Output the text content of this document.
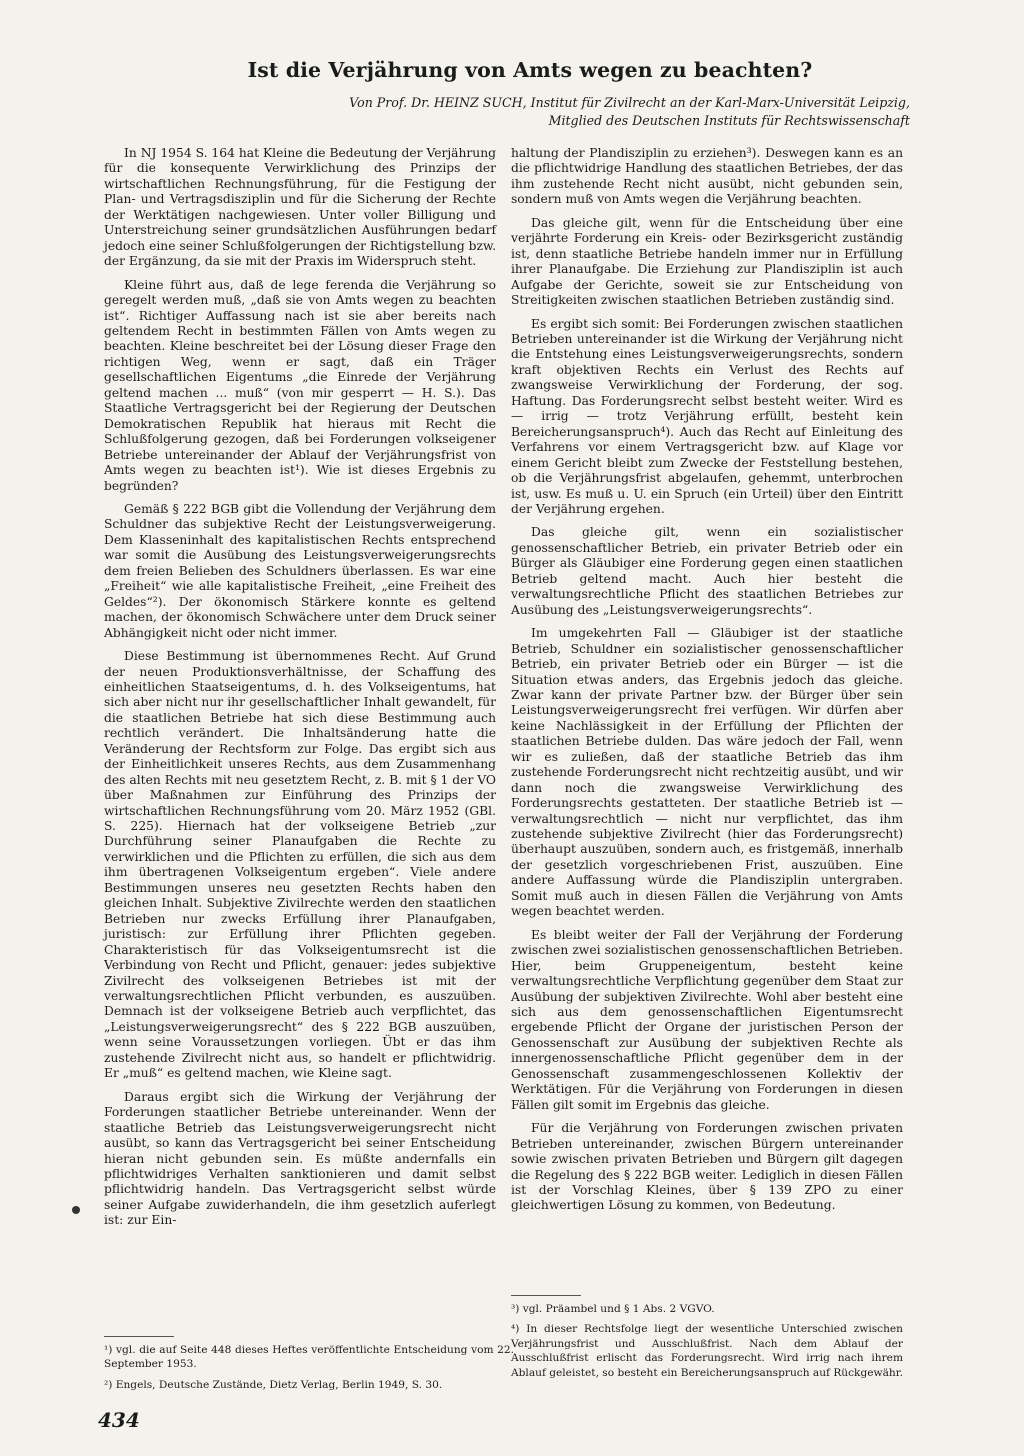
Ist die Verjährung von Amts wegen zu beachten?
Von Prof. Dr. HEINZ SUCH, Institut für Zivilrecht an der Karl-Marx-Universität Leipzig,
Mitglied des Deutschen Instituts für Rechtswissenschaft

In NJ 1954 S. 164 hat Kleine die Bedeutung der Verjährung für die konsequente Verwirklichung des Prinzips der wirtschaftlichen Rechnungsführung, für die Festigung der Plan- und Vertragsdisziplin und für die Sicherung der Rechte der Werktätigen nachgewiesen. Unter voller Billigung und Unterstreichung seiner grundsätzlichen Ausführungen bedarf jedoch eine seiner Schlußfolgerungen der Richtigstellung bzw. der Ergänzung, da sie mit der Praxis im Widerspruch steht.

Kleine führt aus, daß de lege ferenda die Verjährung so geregelt werden muß, „daß sie von Amts wegen zu beachten ist“. Richtiger Auffassung nach ist sie aber bereits nach geltendem Recht in bestimmten Fällen von Amts wegen zu beachten. Kleine beschreitet bei der Lösung dieser Frage den richtigen Weg, wenn er sagt, daß ein Träger gesellschaftlichen Eigentums „die Einrede der Verjährung geltend machen ... muß“ (von mir gesperrt — H. S.). Das Staatliche Vertragsgericht bei der Regierung der Deutschen Demokratischen Republik hat hieraus mit Recht die Schlußfolgerung gezogen, daß bei Forderungen volkseigener Betriebe untereinander der Ablauf der Verjährungsfrist von Amts wegen zu beachten ist¹). Wie ist dieses Ergebnis zu begründen?

Gemäß § 222 BGB gibt die Vollendung der Verjährung dem Schuldner das subjektive Recht der Leistungsverweigerung. Dem Klasseninhalt des kapitalistischen Rechts entsprechend war somit die Ausübung des Leistungsverweigerungsrechts dem freien Belieben des Schuldners überlassen. Es war eine „Freiheit“ wie alle kapitalistische Freiheit, „eine Freiheit des Geldes“²). Der ökonomisch Stärkere konnte es geltend machen, der ökonomisch Schwächere unter dem Druck seiner Abhängigkeit nicht oder nicht immer.

Diese Bestimmung ist übernommenes Recht. Auf Grund der neuen Produktionsverhältnisse, der Schaffung des einheitlichen Staatseigentums, d. h. des Volkseigentums, hat sich aber nicht nur ihr gesellschaftlicher Inhalt gewandelt, für die staatlichen Betriebe hat sich diese Bestimmung auch rechtlich verändert. Die Inhaltsänderung hatte die Veränderung der Rechtsform zur Folge. Das ergibt sich aus der Einheitlichkeit unseres Rechts, aus dem Zusammenhang des alten Rechts mit neu gesetztem Recht, z. B. mit § 1 der VO über Maßnahmen zur Einführung des Prinzips der wirtschaftlichen Rechnungsführung vom 20. März 1952 (GBl. S. 225). Hiernach hat der volkseigene Betrieb „zur Durchführung seiner Planaufgaben die Rechte zu verwirklichen und die Pflichten zu erfüllen, die sich aus dem ihm übertragenen Volkseigentum ergeben“. Viele andere Bestimmungen unseres neu gesetzten Rechts haben den gleichen Inhalt. Subjektive Zivilrechte werden den staatlichen Betrieben nur zwecks Erfüllung ihrer Planaufgaben, juristisch: zur Erfüllung ihrer Pflichten gegeben. Charakteristisch für das Volkseigentumsrecht ist die Verbindung von Recht und Pflicht, genauer: jedes subjektive Zivilrecht des volkseigenen Betriebes ist mit der verwaltungsrechtlichen Pflicht verbunden, es auszuüben. Demnach ist der volkseigene Betrieb auch verpflichtet, das „Leistungsverweigerungsrecht“ des § 222 BGB auszuüben, wenn seine Voraussetzungen vorliegen. Übt er das ihm zustehende Zivilrecht nicht aus, so handelt er pflichtwidrig. Er „muß“ es geltend machen, wie Kleine sagt.

Daraus ergibt sich die Wirkung der Verjährung der Forderungen staatlicher Betriebe untereinander. Wenn der staatliche Betrieb das Leistungsverweigerungsrecht nicht ausübt, so kann das Vertragsgericht bei seiner Entscheidung hieran nicht gebunden sein. Es müßte andernfalls ein pflichtwidriges Verhalten sanktionieren und damit selbst pflichtwidrig handeln. Das Vertragsgericht selbst würde seiner Aufgabe zuwiderhandeln, die ihm gesetzlich auferlegt ist: zur Ein-

haltung der Plandisziplin zu erziehen³). Deswegen kann es an die pflichtwidrige Handlung des staatlichen Betriebes, der das ihm zustehende Recht nicht ausübt, nicht gebunden sein, sondern muß von Amts wegen die Verjährung beachten.

Das gleiche gilt, wenn für die Entscheidung über eine verjährte Forderung ein Kreis- oder Bezirksgericht zuständig ist, denn staatliche Betriebe handeln immer nur in Erfüllung ihrer Planaufgabe. Die Erziehung zur Plandisziplin ist auch Aufgabe der Gerichte, soweit sie zur Entscheidung von Streitigkeiten zwischen staatlichen Betrieben zuständig sind.

Es ergibt sich somit: Bei Forderungen zwischen staatlichen Betrieben untereinander ist die Wirkung der Verjährung nicht die Entstehung eines Leistungsverweigerungsrechts, sondern kraft objektiven Rechts ein Verlust des Rechts auf zwangsweise Verwirklichung der Forderung, der sog. Haftung. Das Forderungsrecht selbst besteht weiter. Wird es — irrig — trotz Verjährung erfüllt, besteht kein Bereicherungsanspruch⁴). Auch das Recht auf Einleitung des Verfahrens vor einem Vertragsgericht bzw. auf Klage vor einem Gericht bleibt zum Zwecke der Feststellung bestehen, ob die Verjährungsfrist abgelaufen, gehemmt, unterbrochen ist, usw. Es muß u. U. ein Spruch (ein Urteil) über den Eintritt der Verjährung ergehen.

Das gleiche gilt, wenn ein sozialistischer genossenschaftlicher Betrieb, ein privater Betrieb oder ein Bürger als Gläubiger eine Forderung gegen einen staatlichen Betrieb geltend macht. Auch hier besteht die verwaltungsrechtliche Pflicht des staatlichen Betriebes zur Ausübung des „Leistungsverweigerungsrechts“.

Im umgekehrten Fall — Gläubiger ist der staatliche Betrieb, Schuldner ein sozialistischer genossenschaftlicher Betrieb, ein privater Betrieb oder ein Bürger — ist die Situation etwas anders, das Ergebnis jedoch das gleiche. Zwar kann der private Partner bzw. der Bürger über sein Leistungsverweigerungsrecht frei verfügen. Wir dürfen aber keine Nachlässigkeit in der Erfüllung der Pflichten der staatlichen Betriebe dulden. Das wäre jedoch der Fall, wenn wir es zuließen, daß der staatliche Betrieb das ihm zustehende Forderungsrecht nicht rechtzeitig ausübt, und wir dann noch die zwangsweise Verwirklichung des Forderungsrechts gestatteten. Der staatliche Betrieb ist — verwaltungsrechtlich — nicht nur verpflichtet, das ihm zustehende subjektive Zivilrecht (hier das Forderungsrecht) überhaupt auszuüben, sondern auch, es fristgemäß, innerhalb der gesetzlich vorgeschriebenen Frist, auszuüben. Eine andere Auffassung würde die Plandisziplin untergraben. Somit muß auch in diesen Fällen die Verjährung von Amts wegen beachtet werden.

Es bleibt weiter der Fall der Verjährung der Forderung zwischen zwei sozialistischen genossenschaftlichen Betrieben. Hier, beim Gruppeneigentum, besteht keine verwaltungsrechtliche Verpflichtung gegenüber dem Staat zur Ausübung der subjektiven Zivilrechte. Wohl aber besteht eine sich aus dem genossenschaftlichen Eigentumsrecht ergebende Pflicht der Organe der juristischen Person der Genossenschaft zur Ausübung der subjektiven Rechte als innergenossenschaftliche Pflicht gegenüber dem in der Genossenschaft zusammengeschlossenen Kollektiv der Werktätigen. Für die Verjährung von Forderungen in diesen Fällen gilt somit im Ergebnis das gleiche.

Für die Verjährung von Forderungen zwischen privaten Betrieben untereinander, zwischen Bürgern untereinander sowie zwischen privaten Betrieben und Bürgern gilt dagegen die Regelung des § 222 BGB weiter. Lediglich in diesen Fällen ist der Vorschlag Kleines, über § 139 ZPO zu einer gleichwertigen Lösung zu kommen, von Bedeutung.

¹) vgl. die auf Seite 448 dieses Heftes veröffentlichte Entscheidung vom 22. September 1953.

²) Engels, Deutsche Zustände, Dietz Verlag, Berlin 1949, S. 30.

³) vgl. Präambel und § 1 Abs. 2 VGVO.

⁴) In dieser Rechtsfolge liegt der wesentliche Unterschied zwischen Verjährungsfrist und Ausschlußfrist. Nach dem Ablauf der Ausschlußfrist erlischt das Forderungsrecht. Wird irrig nach ihrem Ablauf geleistet, so besteht ein Bereicherungsanspruch auf Rückgewähr.

434
